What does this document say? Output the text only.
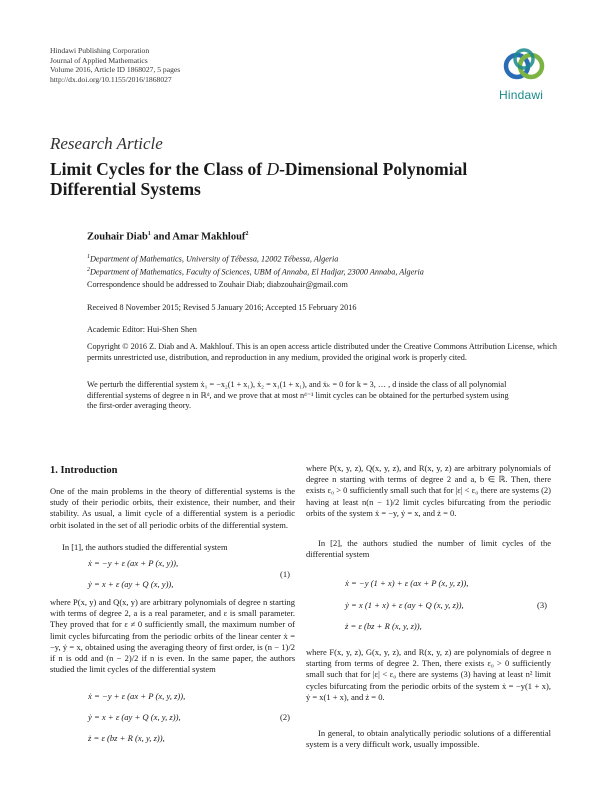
Hindawi Publishing Corporation
Journal of Applied Mathematics
Volume 2016, Article ID 1868027, 5 pages
http://dx.doi.org/10.1155/2016/1868027
Hindawi
Research Article
Limit Cycles for the Class of D-Dimensional Polynomial
Differential Systems
Zouhair Diab$^1$ and Amar Makhlouf$^2$
$^1$Department of Mathematics, University of Tébessa, 12002 Tébessa, Algeria
$^2$Department of Mathematics, Faculty of Sciences, UBM of Annaba, El Hadjar, 23000 Annaba, Algeria
Correspondence should be addressed to Zouhair Diab; diabzouhair@gmail.com
Received 8 November 2015; Revised 5 January 2016; Accepted 15 February 2016
Academic Editor: Hui-Shen Shen
Copyright © 2016 Z. Diab and A. Makhlouf. This is an open access article distributed under the Creative Commons Attribution License, which permits unrestricted use, distribution, and reproduction in any medium, provided the original work is properly cited.
We perturb the differential system ẋ₁ = −x₂(1 + x₁), ẋ₂ = x₁(1 + x₁), and ẋₖ = 0 for k = 3, … , d inside the class of all polynomial
differential systems of degree n in ℝᵈ, and we prove that at most nᵈ⁻¹ limit cycles can be obtained for the perturbed system using
the first-order averaging theory.
1. Introduction
One of the main problems in the theory of differential systems is the study of their periodic orbits, their existence, their number, and their stability. As usual, a limit cycle of a differential system is a periodic orbit isolated in the set of all periodic orbits of the differential system.
In [1], the authors studied the differential system
ẋ = −y + ε (ax + P (x, y)),
ẏ = x + ε (ay + Q (x, y)),
(1)
where P(x, y) and Q(x, y) are arbitrary polynomials of degree n starting with terms of degree 2, a is a real parameter, and ε is small parameter. They proved that for ε ≠ 0 sufficiently small, the maximum number of limit cycles bifurcating from the periodic orbits of the linear center ẋ = −y, ẏ = x, obtained using the averaging theory of first order, is (n − 1)/2 if n is odd and (n − 2)/2 if n is even. In the same paper, the authors studied the limit cycles of the differential system
ẋ = −y + ε (ax + P (x, y, z)),
ẏ = x + ε (ay + Q (x, y, z)),
ż = ε (bz + R (x, y, z)),
(2)
where P(x, y, z), Q(x, y, z), and R(x, y, z) are arbitrary polynomials of degree n starting with terms of degree 2 and a, b ∈ ℝ. Then, there exists ε₀ > 0 sufficiently small such that for |ε| < ε₀ there are systems (2) having at least n(n − 1)/2 limit cycles bifurcating from the periodic orbits of the system ẋ = −y, ẏ = x, and ż = 0.
In [2], the authors studied the number of limit cycles of the differential system
ẋ = −y (1 + x) + ε (ax + P (x, y, z)),
ẏ = x (1 + x) + ε (ay + Q (x, y, z)),
ż = ε (bz + R (x, y, z)),
(3)
where F(x, y, z), G(x, y, z), and R(x, y, z) are polynomials of degree n starting from terms of degree 2. Then, there exists ε₀ > 0 sufficiently small such that for |ε| < ε₀ there are systems (3) having at least n² limit cycles bifurcating from the periodic orbits of the system ẋ = −y(1 + x), ẏ = x(1 + x), and ż = 0.
In general, to obtain analytically periodic solutions of a differential system is a very difficult work, usually impossible.
